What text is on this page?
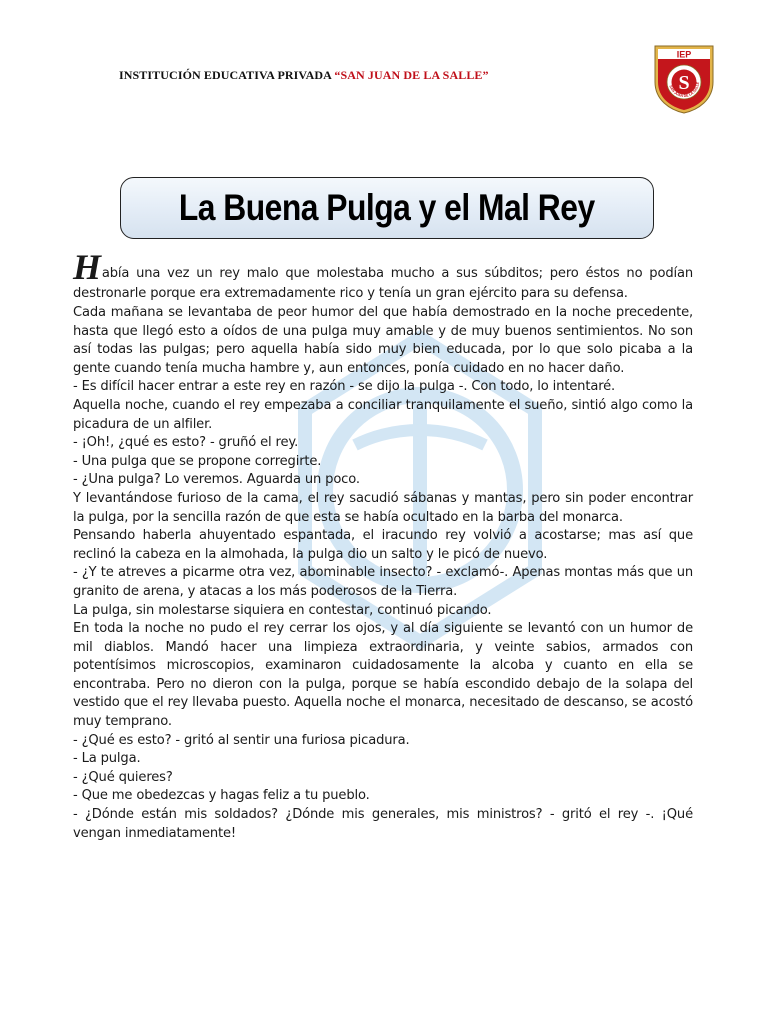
INSTITUCIÓN EDUCATIVA PRIVADA “SAN JUAN DE LA SALLE”
IEP
S
SAN JUAN DE LA SALLE
La Buena Pulga y el Mal Rey

Había una vez un rey malo que molestaba mucho a sus súbditos; pero éstos no podían destronarle porque era extremadamente rico y tenía un gran ejército para su defensa.

Cada mañana se levantaba de peor humor del que había demostrado en la noche precedente, hasta que llegó esto a oídos de una pulga muy amable y de muy buenos sentimientos. No son así todas las pulgas; pero aquella había sido muy bien educada, por lo que solo picaba a la gente cuando tenía mucha hambre y, aun entonces, ponía cuidado en no hacer daño.

- Es difícil hacer entrar a este rey en razón - se dijo la pulga -. Con todo, lo intentaré.

Aquella noche, cuando el rey empezaba a conciliar tranquilamente el sueño, sintió algo como la picadura de un alfiler.

- ¡Oh!, ¿qué es esto? - gruñó el rey.

- Una pulga que se propone corregirte.

- ¿Una pulga? Lo veremos. Aguarda un poco.

Y levantándose furioso de la cama, el rey sacudió sábanas y mantas, pero sin poder encontrar la pulga, por la sencilla razón de que esta se había ocultado en la barba del monarca.

Pensando haberla ahuyentado espantada, el iracundo rey volvió a acostarse; mas así que reclinó la cabeza en la almohada, la pulga dio un salto y le picó de nuevo.

- ¿Y te atreves a picarme otra vez, abominable insecto? - exclamó-. Apenas montas más que un granito de arena, y atacas a los más poderosos de la Tierra.

La pulga, sin molestarse siquiera en contestar, continuó picando.

En toda la noche no pudo el rey cerrar los ojos, y al día siguiente se levantó con un humor de mil diablos. Mandó hacer una limpieza extraordinaria, y veinte sabios, armados con potentísimos microscopios, examinaron cuidadosamente la alcoba y cuanto en ella se encontraba. Pero no dieron con la pulga, porque se había escondido debajo de la solapa del vestido que el rey llevaba puesto. Aquella noche el monarca, necesitado de descanso, se acostó muy temprano.

- ¿Qué es esto? - gritó al sentir una furiosa picadura.

- La pulga.

- ¿Qué quieres?

- Que me obedezcas y hagas feliz a tu pueblo.

- ¿Dónde están mis soldados? ¿Dónde mis generales, mis ministros? - gritó el rey -. ¡Qué vengan inmediatamente!
